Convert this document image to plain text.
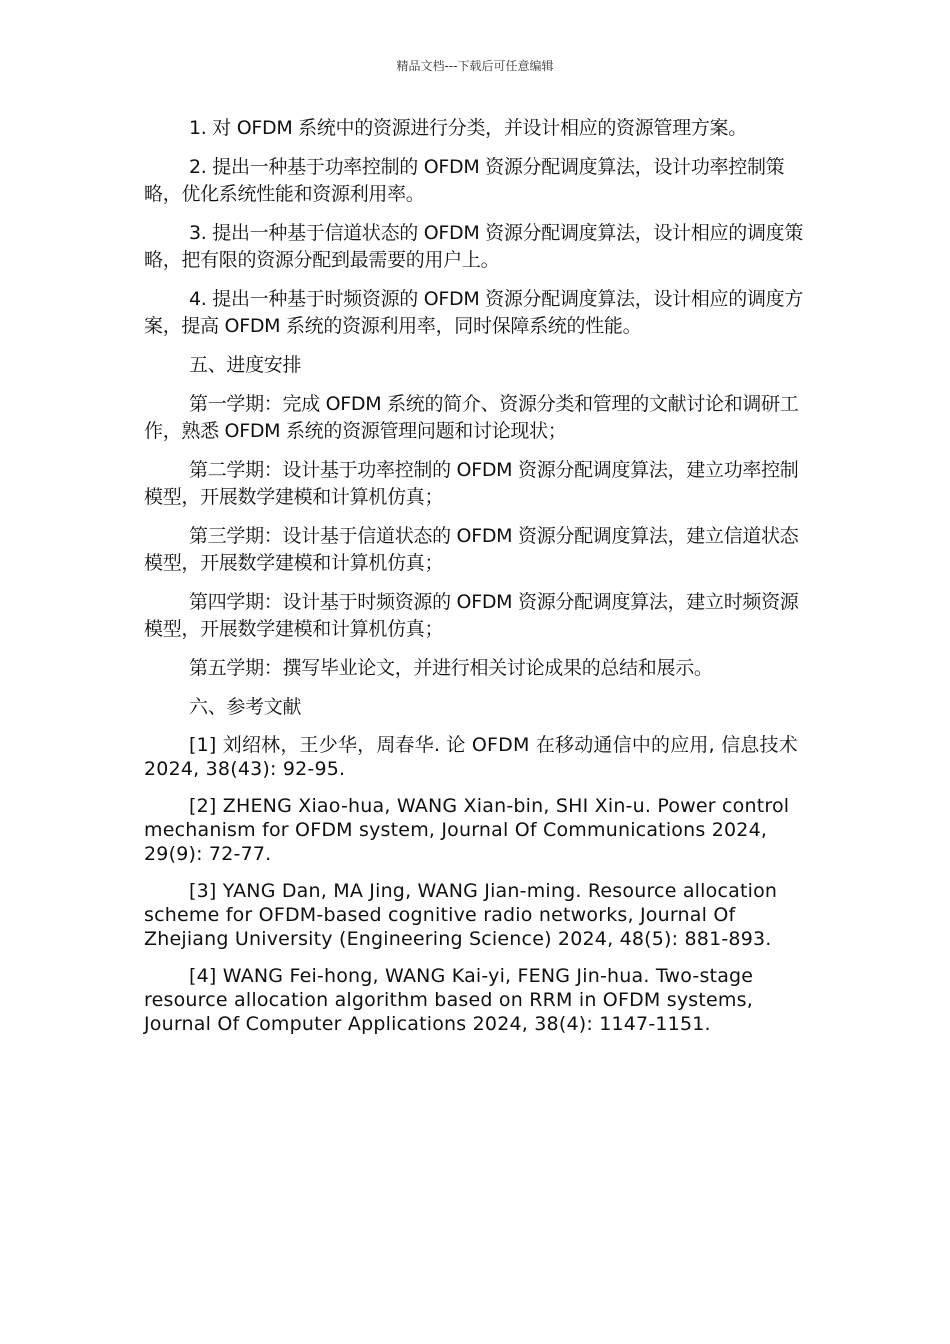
精品文档---下载后可任意编辑

1. 对 OFDM 系统中的资源进行分类，并设计相应的资源管理方案。

2. 提出一种基于功率控制的 OFDM 资源分配调度算法，设计功率控制策略，优化系统性能和资源利用率。

3. 提出一种基于信道状态的 OFDM 资源分配调度算法，设计相应的调度策略，把有限的资源分配到最需要的用户上。

4. 提出一种基于时频资源的 OFDM 资源分配调度算法，设计相应的调度方案，提高 OFDM 系统的资源利用率，同时保障系统的性能。

五、进度安排

第一学期：完成 OFDM 系统的简介、资源分类和管理的文献讨论和调研工作，熟悉 OFDM 系统的资源管理问题和讨论现状；

第二学期：设计基于功率控制的 OFDM 资源分配调度算法，建立功率控制模型，开展数学建模和计算机仿真；

第三学期：设计基于信道状态的 OFDM 资源分配调度算法，建立信道状态模型，开展数学建模和计算机仿真；

第四学期：设计基于时频资源的 OFDM 资源分配调度算法，建立时频资源模型，开展数学建模和计算机仿真；

第五学期：撰写毕业论文，并进行相关讨论成果的总结和展示。

六、参考文献

[1] 刘绍林，王少华，周春华. 论 OFDM 在移动通信中的应用, 信息技术 2024, 38(43): 92-95.

[2] ZHENG Xiao-hua, WANG Xian-bin, SHI Xin-u. Power control mechanism for OFDM system, Journal Of Communications 2024, 29(9): 72-77.

[3] YANG Dan, MA Jing, WANG Jian-ming. Resource allocation scheme for OFDM-based cognitive radio networks, Journal Of Zhejiang University (Engineering Science) 2024, 48(5): 881-893.

[4] WANG Fei-hong, WANG Kai-yi, FENG Jin-hua. Two-stage resource allocation algorithm based on RRM in OFDM systems, Journal Of Computer Applications 2024, 38(4): 1147-1151.
